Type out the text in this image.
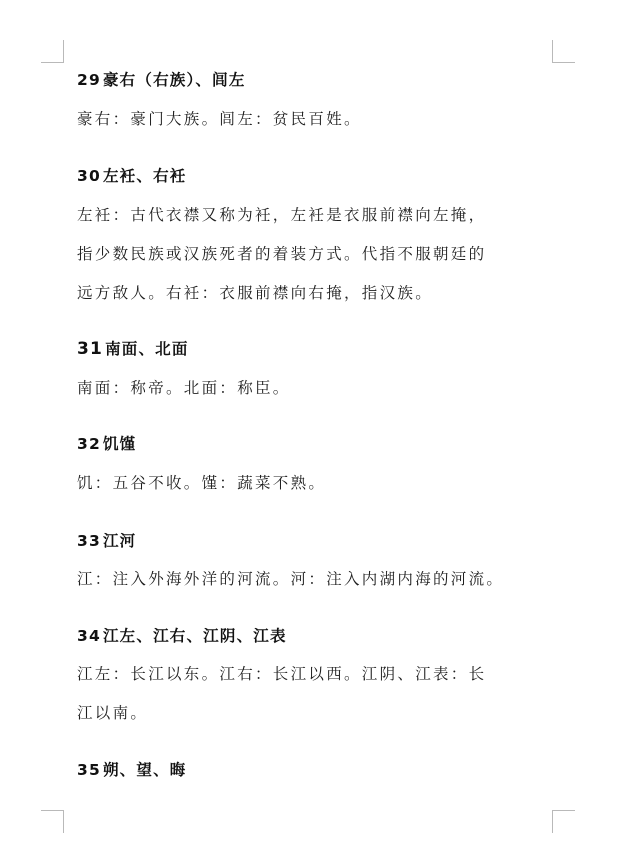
29 豪右（右族）、闾左
豪右：豪门大族。闾左：贫民百姓。
30 左衽、右衽
左衽：古代衣襟又称为衽，左衽是衣服前襟向左掩，
指少数民族或汉族死者的着装方式。代指不服朝廷的
远方敌人。右衽：衣服前襟向右掩，指汉族。
31 南面、北面
南面：称帝。北面：称臣。
32 饥馑
饥：五谷不收。馑：蔬菜不熟。
33 江河
江：注入外海外洋的河流。河：注入内湖内海的河流。
34 江左、江右、江阴、江表
江左：长江以东。江右：长江以西。江阴、江表：长
江以南。
35 朔、望、晦
